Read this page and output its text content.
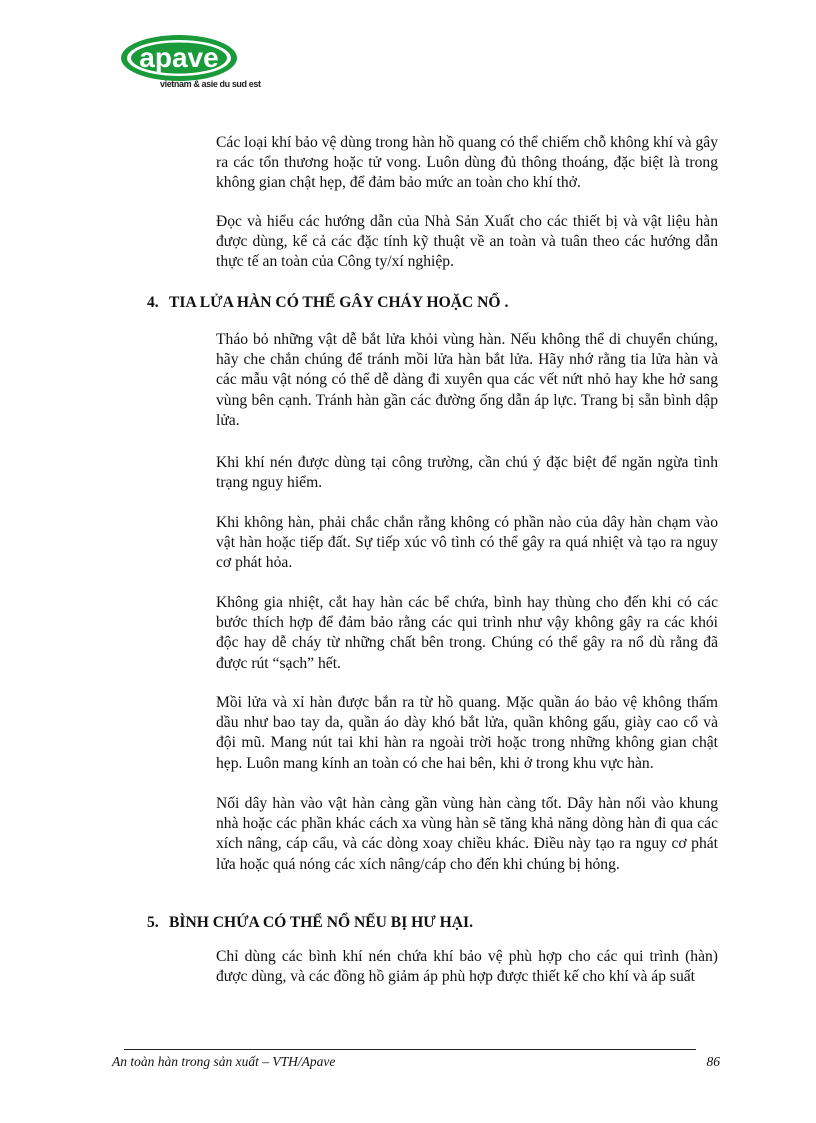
apave
vietnam & asie du sud est

Các loại khí bảo vệ dùng trong hàn hồ quang có thể chiếm chỗ không khí và gây ra các tổn thương hoặc tử vong. Luôn dùng đủ thông thoáng, đặc biệt là trong không gian chật hẹp, để đảm bảo mức an toàn cho khí thở.

Đọc và hiểu các hướng dẫn của Nhà Sản Xuất cho các thiết bị và vật liệu hàn được dùng, kể cả các đặc tính kỹ thuật về an toàn và tuân theo các hướng dẫn thực tế an toàn của Công ty/xí nghiệp.

4. TIA LỬA HÀN CÓ THỂ GÂY CHÁY HOẶC NỔ .

Tháo bỏ những vật dễ bắt lửa khỏi vùng hàn. Nếu không thể di chuyển chúng, hãy che chắn chúng để tránh mồi lửa hàn bắt lửa. Hãy nhớ rằng tia lửa hàn và các mẫu vật nóng có thể dễ dàng đi xuyên qua các vết nứt nhỏ hay khe hở sang vùng bên cạnh. Tránh hàn gần các đường ống dẫn áp lực. Trang bị sẵn bình dập lửa.

Khi khí nén được dùng tại công trường, cần chú ý đặc biệt để ngăn ngừa tình trạng nguy hiểm.

Khi không hàn, phải chắc chắn rằng không có phần nào của dây hàn chạm vào vật hàn hoặc tiếp đất. Sự tiếp xúc vô tình có thể gây ra quá nhiệt và tạo ra nguy cơ phát hỏa.

Không gia nhiệt, cắt hay hàn các bể chứa, bình hay thùng cho đến khi có các bước thích hợp để đảm bảo rằng các qui trình như vậy không gây ra các khói độc hay dễ cháy từ những chất bên trong. Chúng có thể gây ra nổ dù rằng đã được rút “sạch” hết.

Mồi lửa và xỉ hàn được bắn ra từ hồ quang. Mặc quần áo bảo vệ không thấm dầu như bao tay da, quần áo dày khó bắt lửa, quần không gấu, giày cao cổ và đội mũ. Mang nút tai khi hàn ra ngoài trời hoặc trong những không gian chật hẹp. Luôn mang kính an toàn có che hai bên, khi ở trong khu vực hàn.

Nối dây hàn vào vật hàn càng gần vùng hàn càng tốt. Dây hàn nối vào khung nhà hoặc các phần khác cách xa vùng hàn sẽ tăng khả năng dòng hàn đi qua các xích nâng, cáp cẩu, và các dòng xoay chiều khác. Điều này tạo ra nguy cơ phát lửa hoặc quá nóng các xích nâng/cáp cho đến khi chúng bị hỏng.

5. BÌNH CHỨA CÓ THỂ NỔ NẾU BỊ HƯ HẠI.

Chỉ dùng các bình khí nén chứa khí bảo vệ phù hợp cho các qui trình (hàn) được dùng, và các đồng hồ giảm áp phù hợp được thiết kế cho khí và áp suất

An toàn hàn trong sản xuất – VTH/Apave	86
